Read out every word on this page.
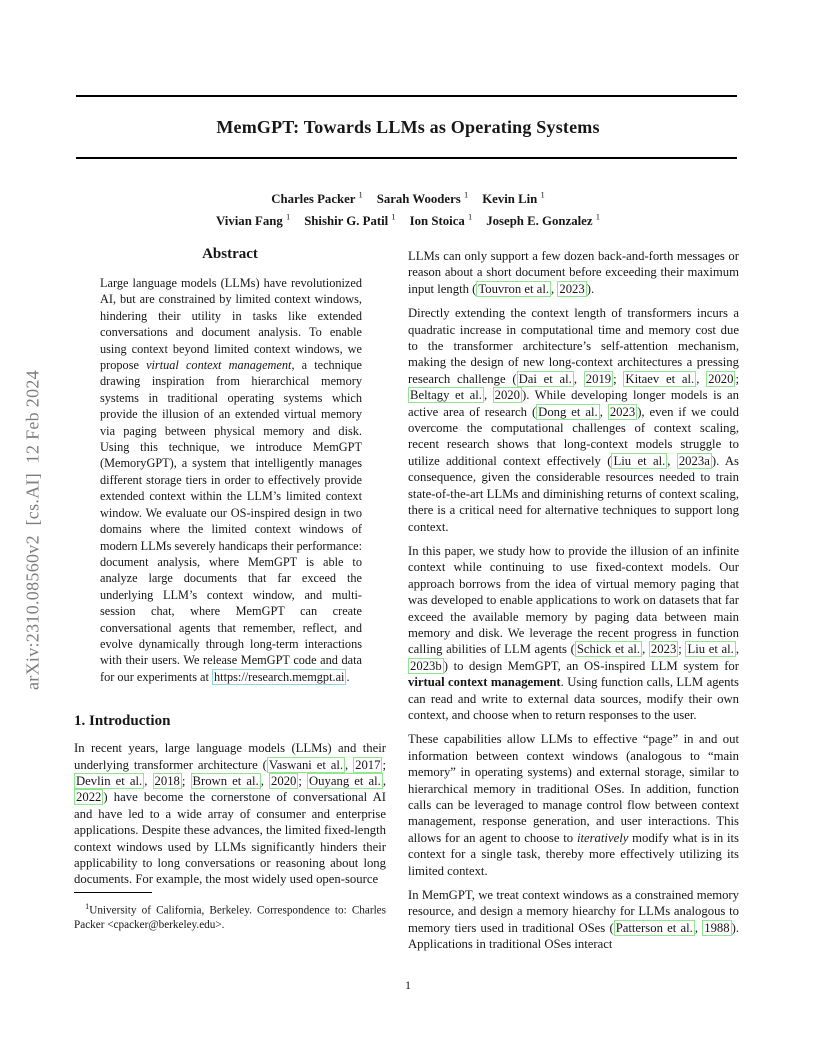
arXiv:2310.08560v2  [cs.AI]  12 Feb 2024
MemGPT: Towards LLMs as Operating Systems
Charles Packer $^1$ Sarah Wooders $^1$ Kevin Lin $^1$
Vivian Fang $^1$ Shishir G. Patil $^1$ Ion Stoica $^1$ Joseph E. Gonzalez $^1$
Abstract
Large language models (LLMs) have revolutionized AI, but are constrained by limited context windows, hindering their utility in tasks like extended conversations and document analysis. To enable using context beyond limited context windows, we propose virtual context management, a technique drawing inspiration from hierarchical memory systems in traditional operating systems which provide the illusion of an extended virtual memory via paging between physical memory and disk. Using this technique, we introduce MemGPT (MemoryGPT), a system that intelligently manages different storage tiers in order to effectively provide extended context within the LLM’s limited context window. We evaluate our OS-inspired design in two domains where the limited context windows of modern LLMs severely handicaps their performance: document analysis, where MemGPT is able to analyze large documents that far exceed the underlying LLM’s context window, and multi-session chat, where MemGPT can create conversational agents that remember, reflect, and evolve dynamically through long-term interactions with their users. We release MemGPT code and data for our experiments at https://research.memgpt.ai .
1. Introduction

In recent years, large language models (LLMs) and their underlying transformer architecture ( Vaswani et al. , 2017 ; Devlin et al. , 2018 ; Brown et al. , 2020 ; Ouyang et al. , 2022 ) have become the cornerstone of conversational AI and have led to a wide array of consumer and enterprise applications. Despite these advances, the limited fixed-length context windows used by LLMs significantly hinders their applicability to long conversations or reasoning about long documents. For example, the most widely used open-source

LLMs can only support a few dozen back-and-forth messages or reason about a short document before exceeding their maximum input length ( Touvron et al. , 2023 ).

Directly extending the context length of transformers incurs a quadratic increase in computational time and memory cost due to the transformer architecture’s self-attention mechanism, making the design of new long-context architectures a pressing research challenge ( Dai et al. , 2019 ; Kitaev et al. , 2020 ; Beltagy et al. , 2020 ). While developing longer models is an active area of research ( Dong et al. , 2023 ), even if we could overcome the computational challenges of context scaling, recent research shows that long-context models struggle to utilize additional context effectively ( Liu et al. , 2023a ). As consequence, given the considerable resources needed to train state-of-the-art LLMs and diminishing returns of context scaling, there is a critical need for alternative techniques to support long context.

In this paper, we study how to provide the illusion of an infinite context while continuing to use fixed-context models. Our approach borrows from the idea of virtual memory paging that was developed to enable applications to work on datasets that far exceed the available memory by paging data between main memory and disk. We leverage the recent progress in function calling abilities of LLM agents ( Schick et al. , 2023 ; Liu et al. , 2023b ) to design MemGPT, an OS-inspired LLM system for virtual context management. Using function calls, LLM agents can read and write to external data sources, modify their own context, and choose when to return responses to the user.

These capabilities allow LLMs to effective “page” in and out information between context windows (analogous to “main memory” in operating systems) and external storage, similar to hierarchical memory in traditional OSes. In addition, function calls can be leveraged to manage control flow between context management, response generation, and user interactions. This allows for an agent to choose to iteratively modify what is in its context for a single task, thereby more effectively utilizing its limited context.

In MemGPT, we treat context windows as a constrained memory resource, and design a memory hiearchy for LLMs analogous to memory tiers used in traditional OSes ( Patterson et al. , 1988 ). Applications in traditional OSes interact

$^1$University of California, Berkeley. Correspondence to: Charles Packer <cpacker@berkeley.edu>.
1
